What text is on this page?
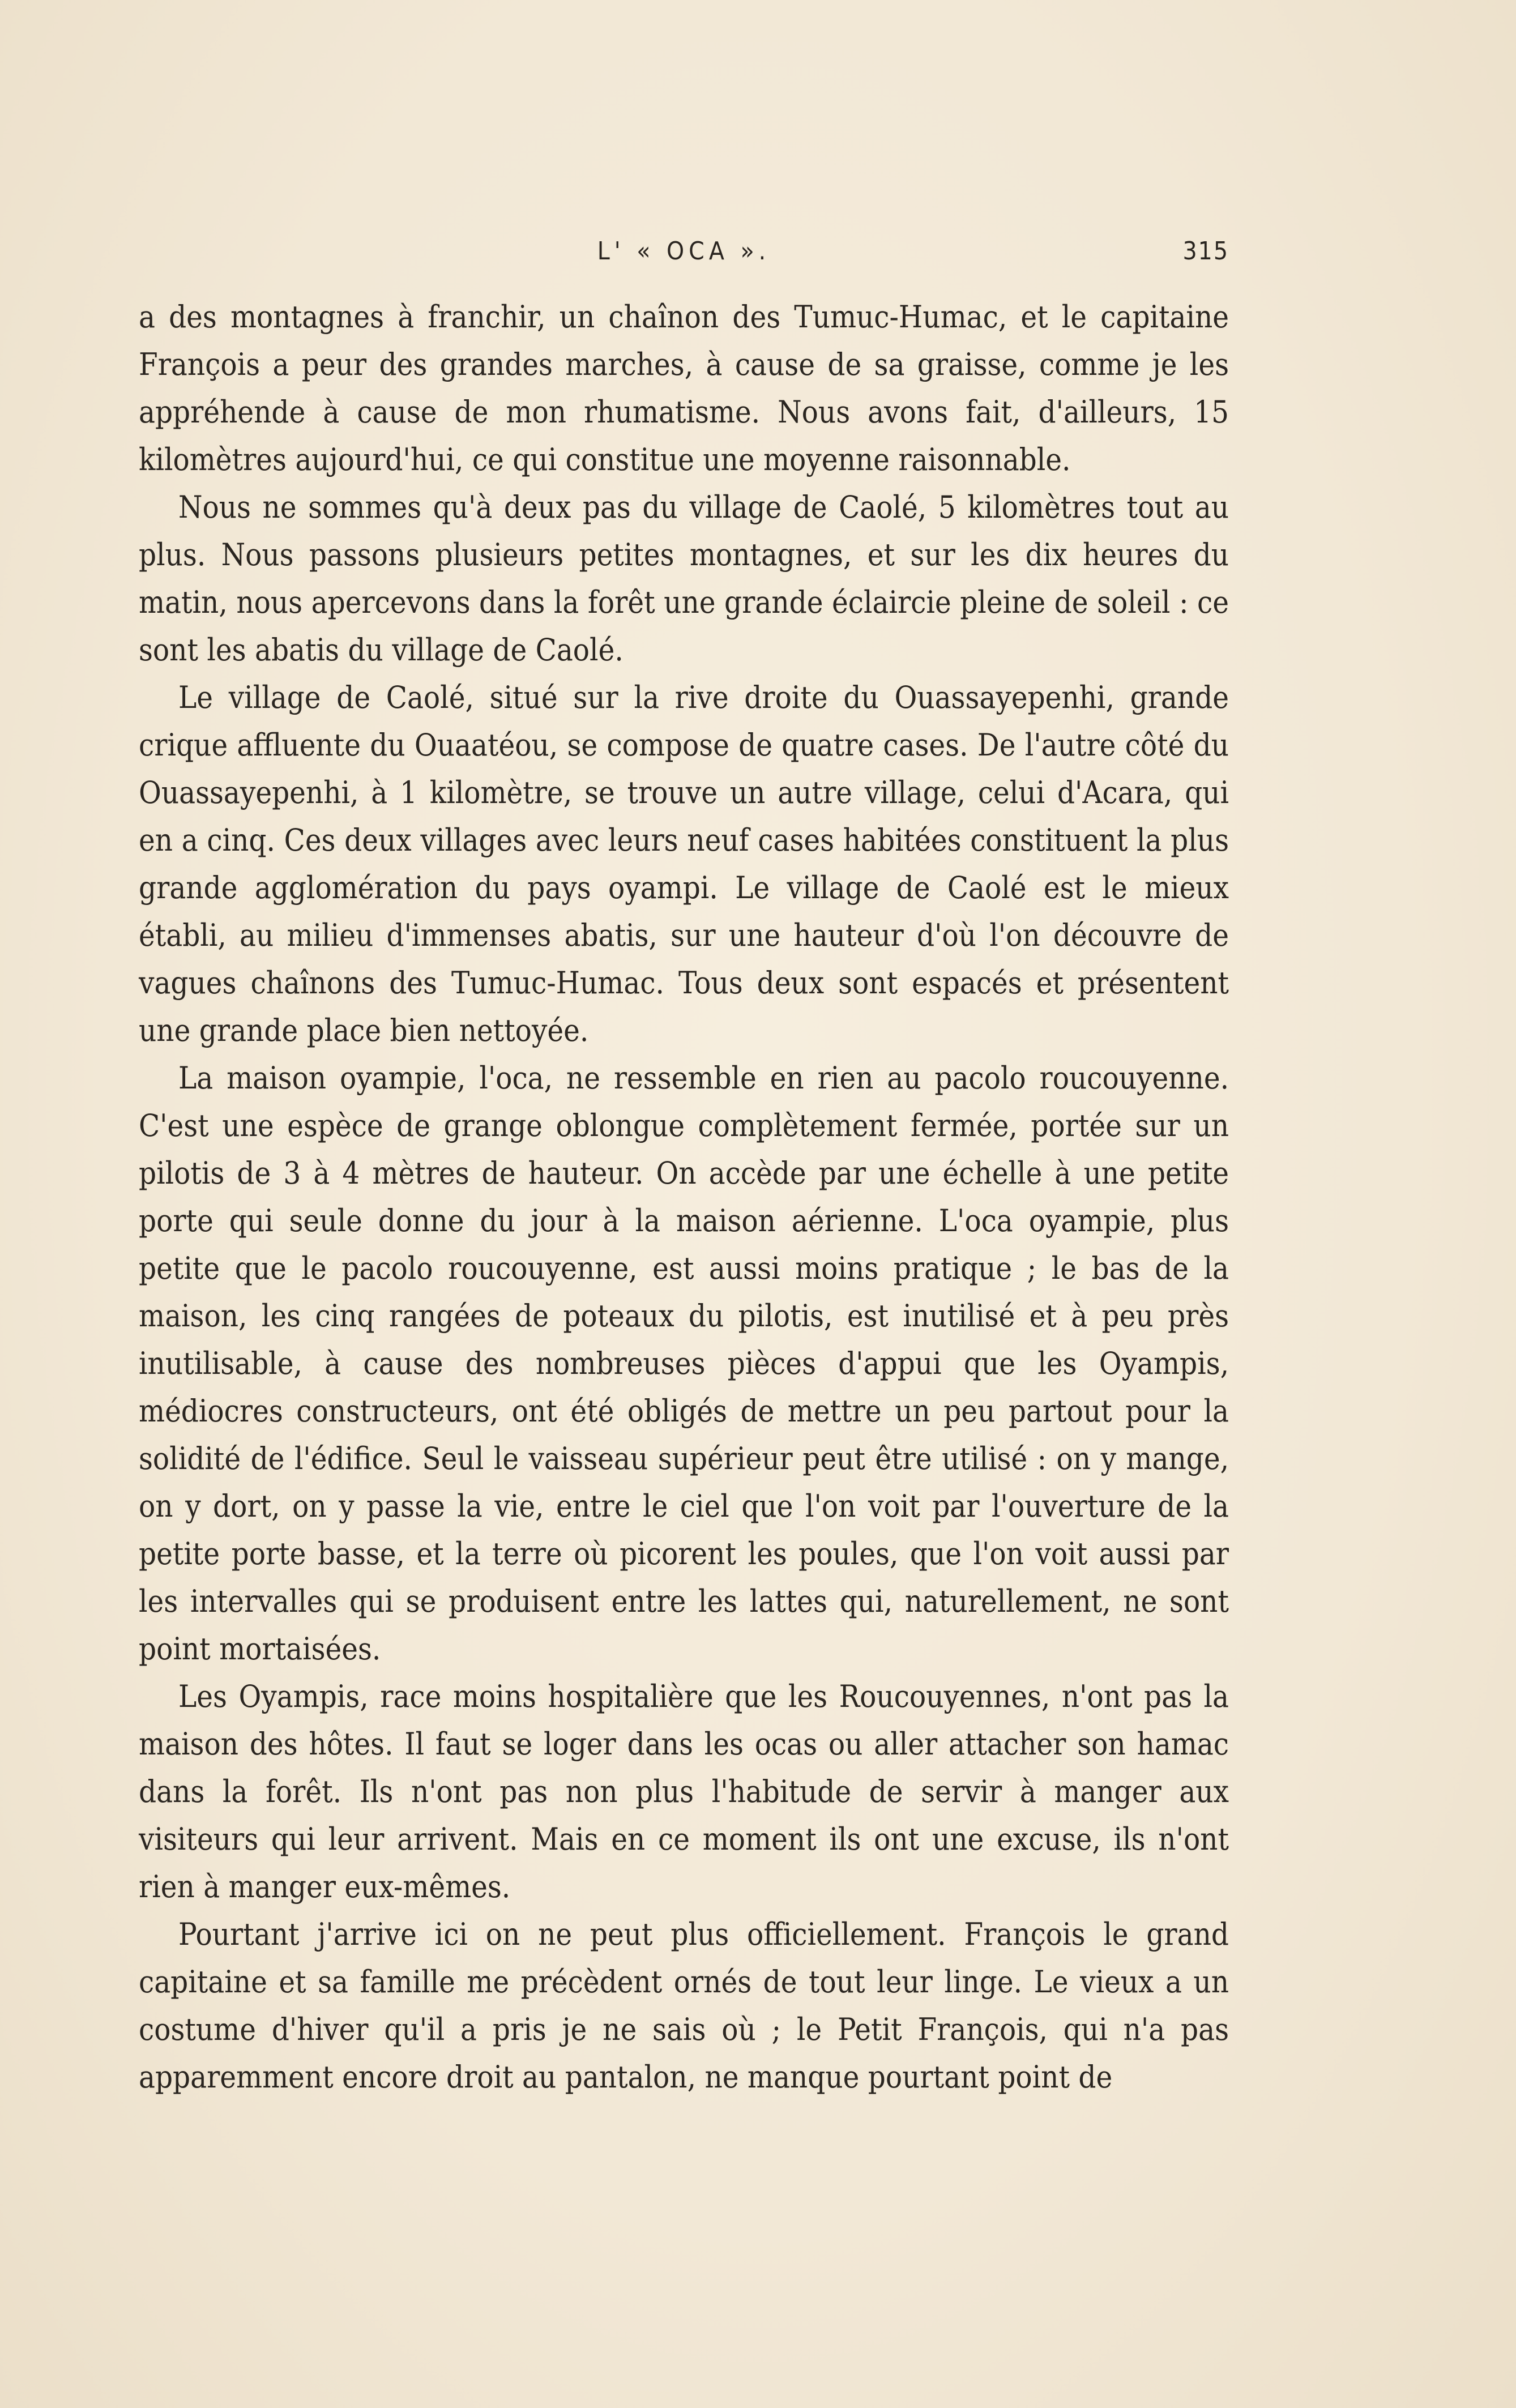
L' « OCA ».	315

a des montagnes à franchir, un chaînon des Tumuc-Humac, et le capitaine François a peur des grandes marches, à cause de sa graisse, comme je les appréhende à cause de mon rhumatisme. Nous avons fait, d'ailleurs, 15 kilomètres aujourd'hui, ce qui constitue une moyenne raisonnable.

Nous ne sommes qu'à deux pas du village de Caolé, 5 kilomètres tout au plus. Nous passons plusieurs petites montagnes, et sur les dix heures du matin, nous apercevons dans la forêt une grande éclaircie pleine de soleil : ce sont les abatis du village de Caolé.

Le village de Caolé, situé sur la rive droite du Ouassayepenhi, grande crique affluente du Ouaatéou, se compose de quatre cases. De l'autre côté du Ouassayepenhi, à 1 kilomètre, se trouve un autre village, celui d'Acara, qui en a cinq. Ces deux villages avec leurs neuf cases habitées constituent la plus grande agglomération du pays oyampi. Le village de Caolé est le mieux établi, au milieu d'immenses abatis, sur une hauteur d'où l'on découvre de vagues chaînons des Tumuc-Humac. Tous deux sont espacés et présentent une grande place bien nettoyée.

La maison oyampie, l'oca, ne ressemble en rien au pacolo roucouyenne. C'est une espèce de grange oblongue complètement fermée, portée sur un pilotis de 3 à 4 mètres de hauteur. On accède par une échelle à une petite porte qui seule donne du jour à la maison aérienne. L'oca oyampie, plus petite que le pacolo roucouyenne, est aussi moins pratique ; le bas de la maison, les cinq rangées de poteaux du pilotis, est inutilisé et à peu près inutilisable, à cause des nombreuses pièces d'appui que les Oyampis, médiocres constructeurs, ont été obligés de mettre un peu partout pour la solidité de l'édifice. Seul le vaisseau supérieur peut être utilisé : on y mange, on y dort, on y passe la vie, entre le ciel que l'on voit par l'ouverture de la petite porte basse, et la terre où picorent les poules, que l'on voit aussi par les intervalles qui se produisent entre les lattes qui, naturellement, ne sont point mortaisées.

Les Oyampis, race moins hospitalière que les Roucouyennes, n'ont pas la maison des hôtes. Il faut se loger dans les ocas ou aller attacher son hamac dans la forêt. Ils n'ont pas non plus l'habitude de servir à manger aux visiteurs qui leur arrivent. Mais en ce moment ils ont une excuse, ils n'ont rien à manger eux-mêmes.

Pourtant j'arrive ici on ne peut plus officiellement. François le grand capitaine et sa famille me précèdent ornés de tout leur linge. Le vieux a un costume d'hiver qu'il a pris je ne sais où ; le Petit François, qui n'a pas apparemment encore droit au pantalon, ne manque pourtant point de
